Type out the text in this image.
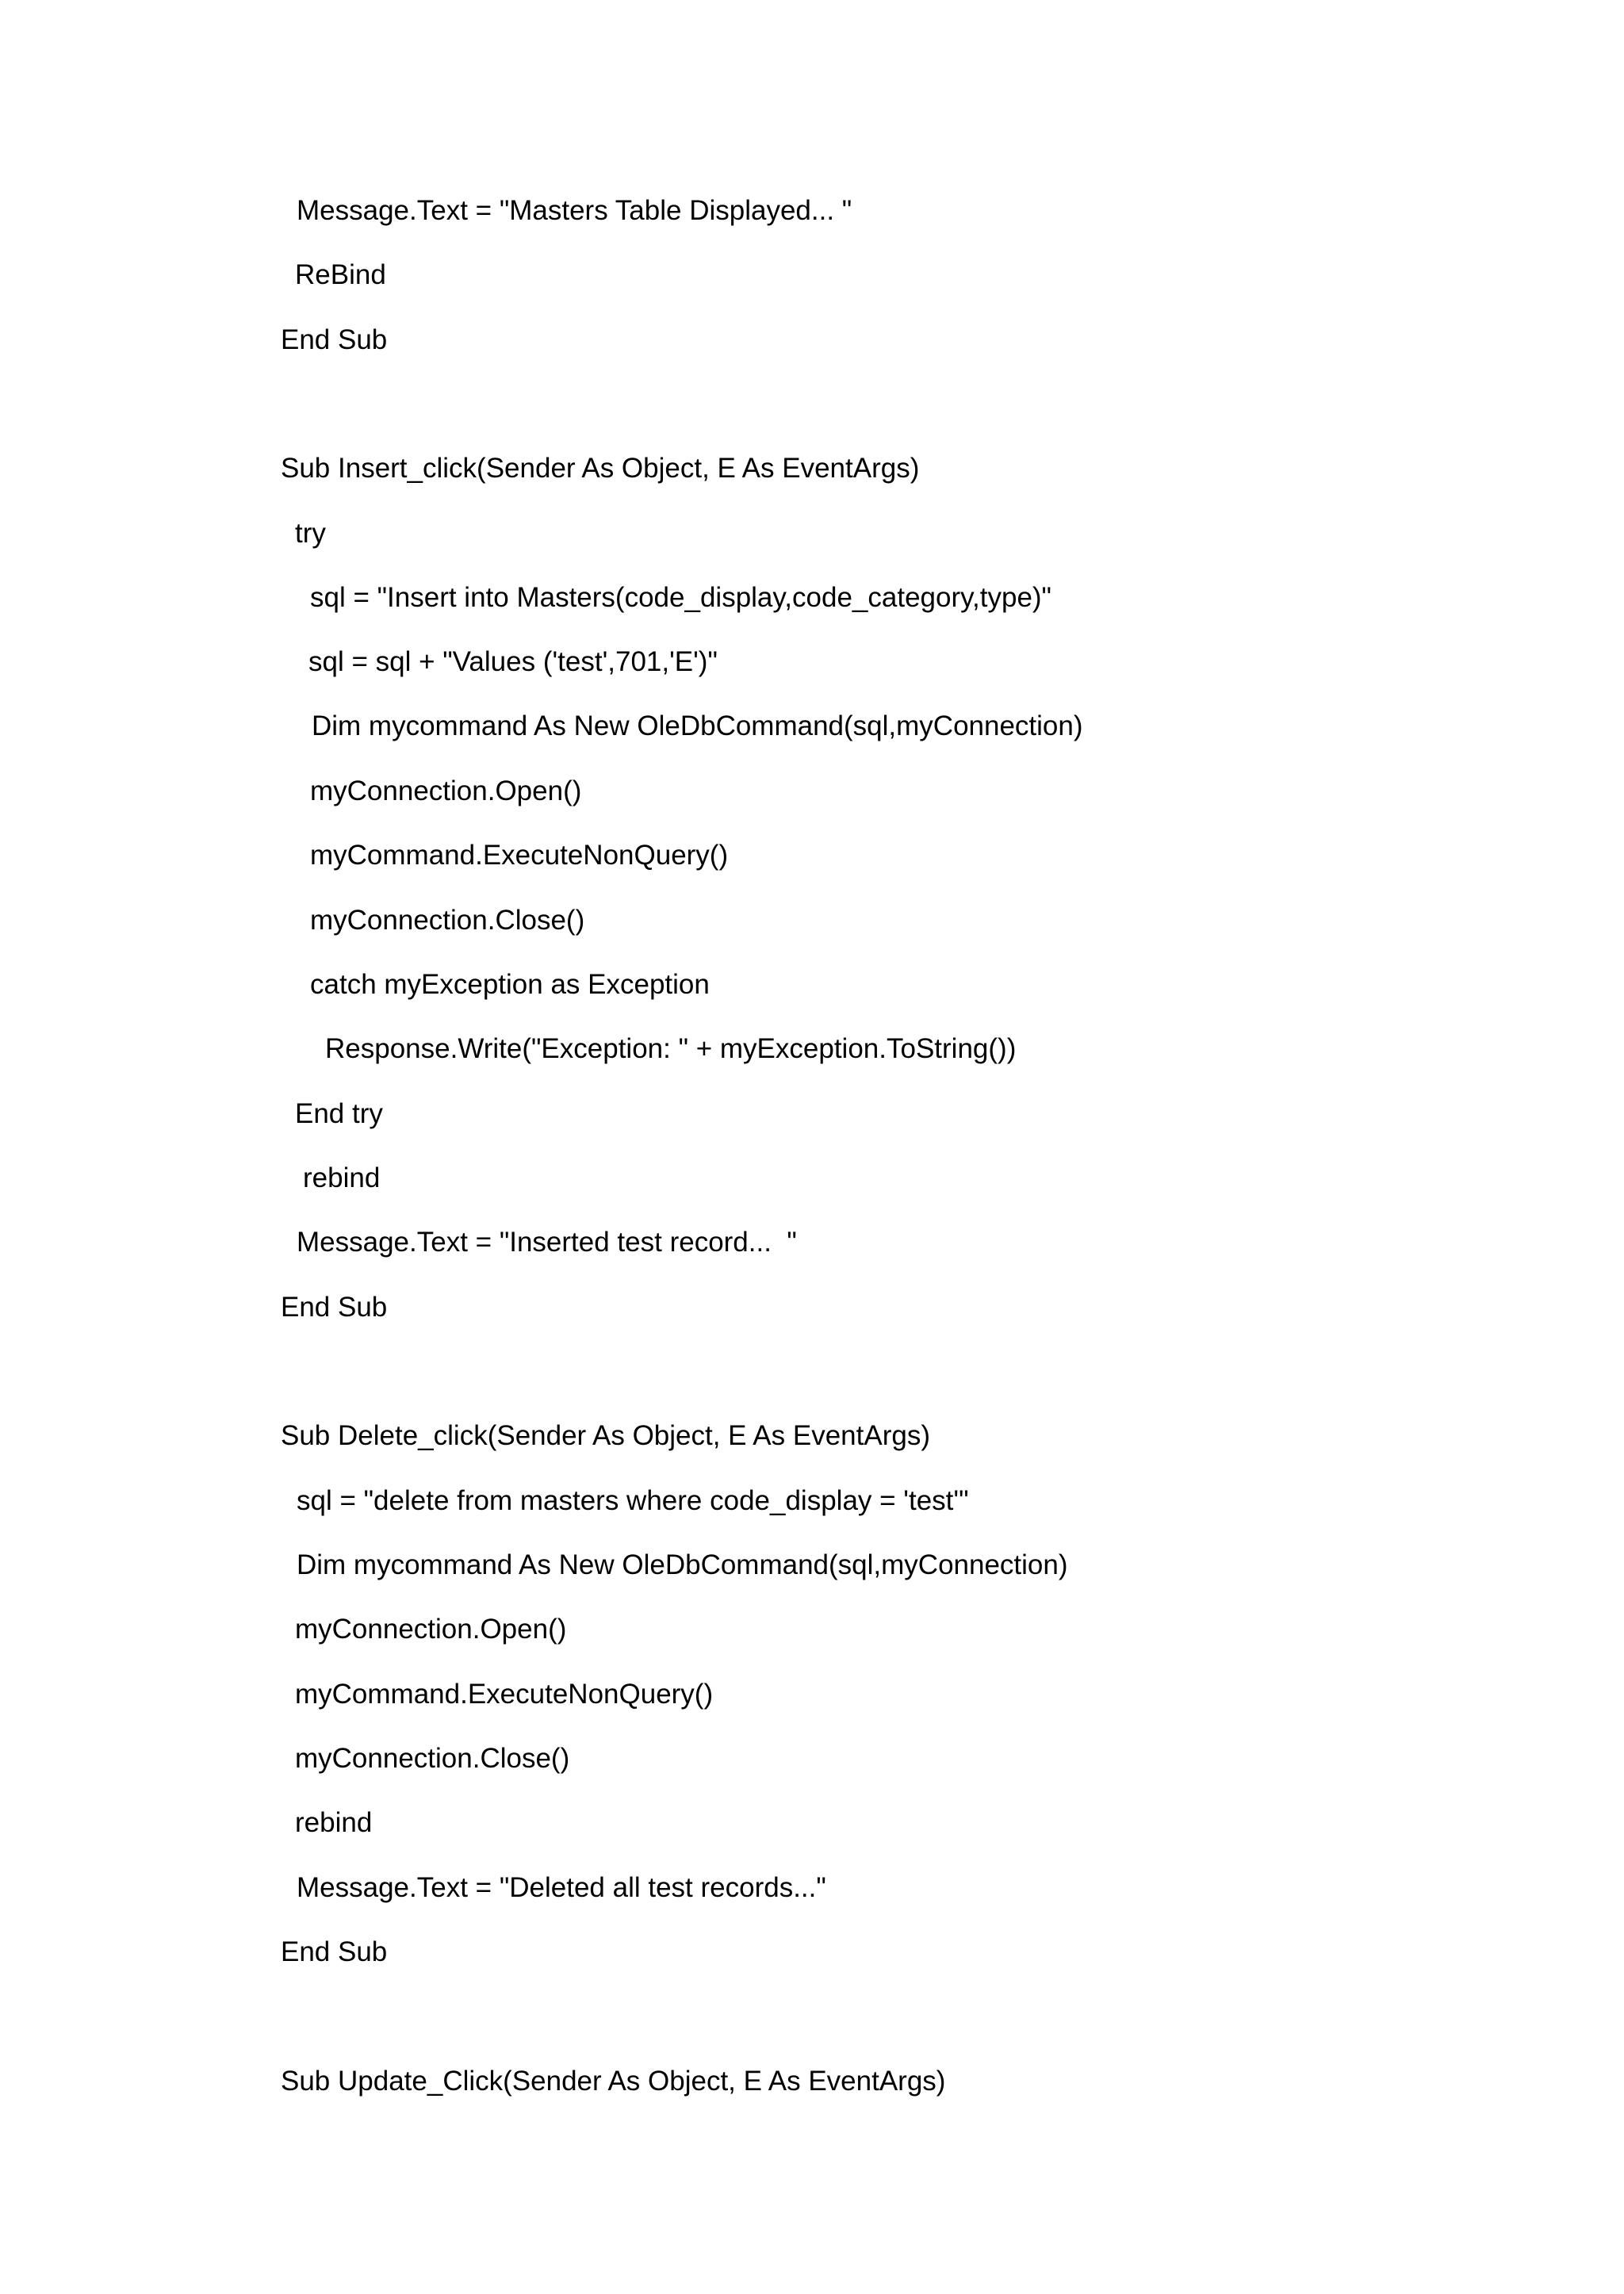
Message.Text = "Masters Table Displayed... "

ReBind

End Sub

Sub Insert_click(Sender As Object, E As EventArgs)

try

sql = "Insert into Masters(code_display,code_category,type)"

sql = sql + "Values ('test',701,'E')"

Dim mycommand As New OleDbCommand(sql,myConnection)

myConnection.Open()

myCommand.ExecuteNonQuery()

myConnection.Close()

catch myException as Exception

Response.Write("Exception: " + myException.ToString())

End try

rebind

Message.Text = "Inserted test record...  "

End Sub

Sub Delete_click(Sender As Object, E As EventArgs)

sql = "delete from masters where code_display = 'test'"

Dim mycommand As New OleDbCommand(sql,myConnection)

myConnection.Open()

myCommand.ExecuteNonQuery()

myConnection.Close()

rebind

Message.Text = "Deleted all test records..."

End Sub

Sub Update_Click(Sender As Object, E As EventArgs)
